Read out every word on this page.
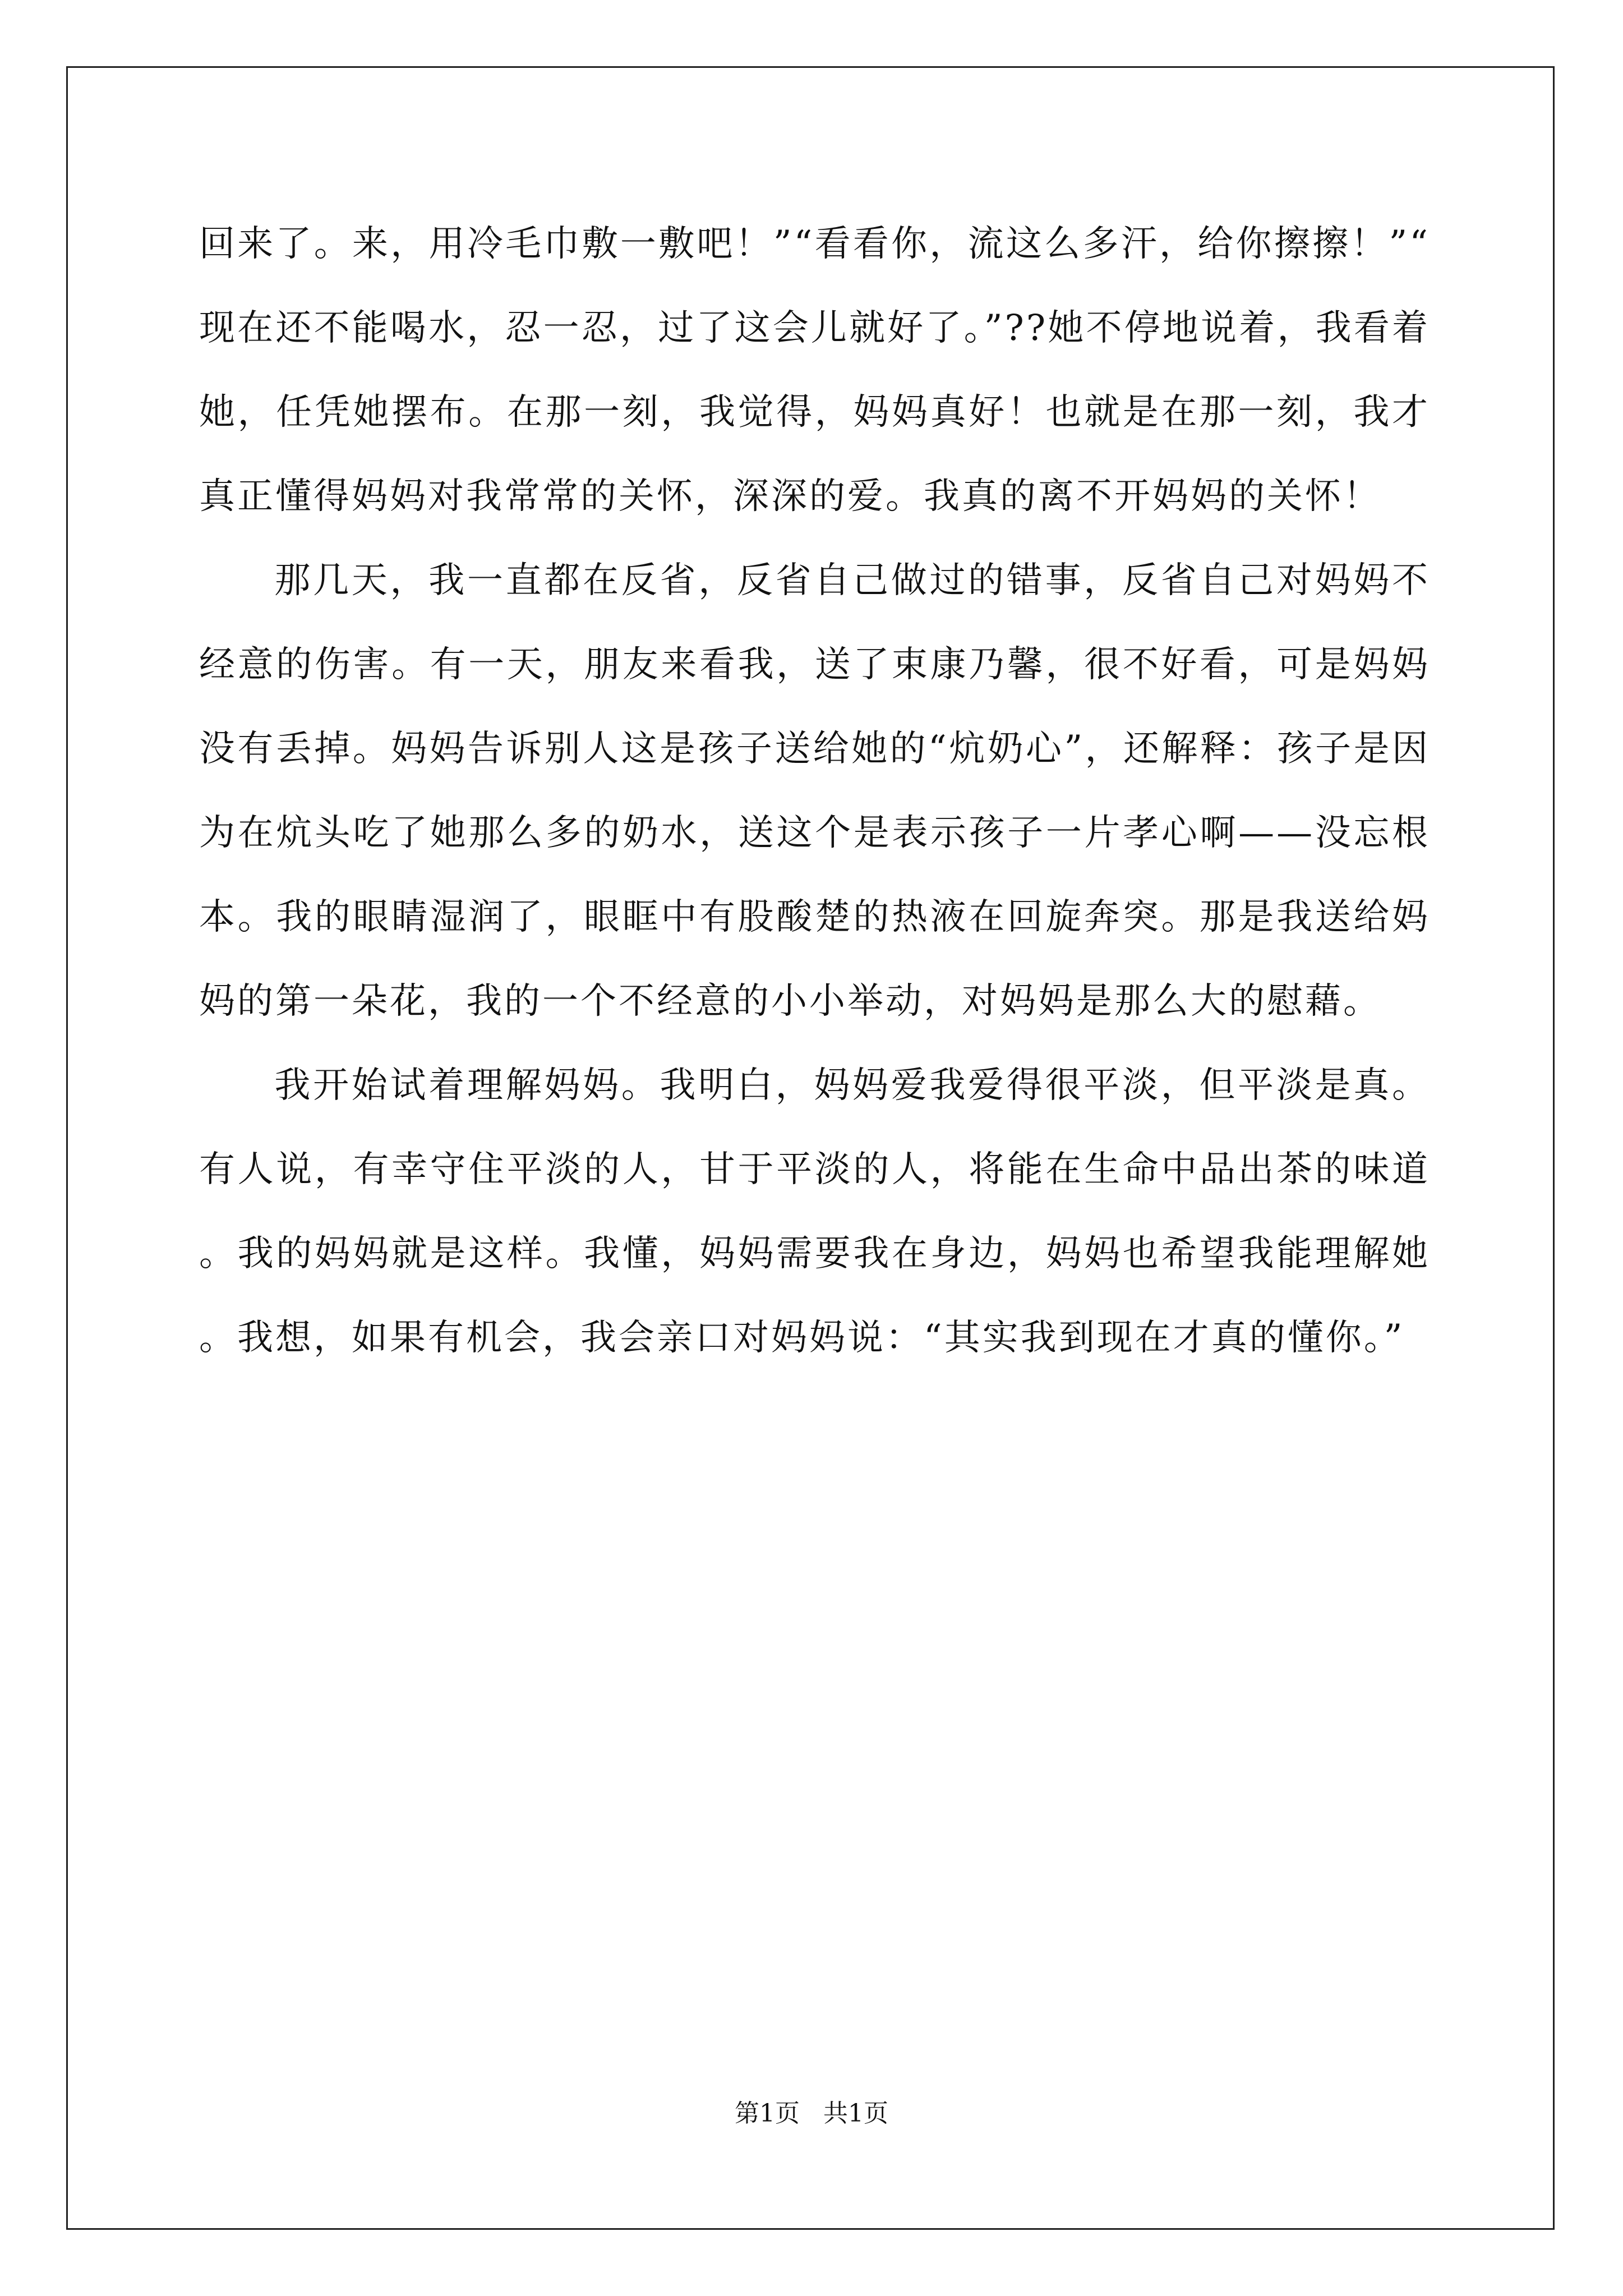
回来了。来，用冷毛巾敷一敷吧！”“看看你，流这么多汗，给你擦擦！”“现在还不能喝水，忍一忍，过了这会儿就好了。”??她不停地说着，我看着她，任凭她摆布。在那一刻，我觉得，妈妈真好！也就是在那一刻，我才真正懂得妈妈对我常常的关怀，深深的爱。我真的离不开妈妈的关怀！

那几天，我一直都在反省，反省自己做过的错事，反省自己对妈妈不经意的伤害。有一天，朋友来看我，送了束康乃馨，很不好看，可是妈妈没有丢掉。妈妈告诉别人这是孩子送给她的“炕奶心”，还解释：孩子是因为在炕头吃了她那么多的奶水，送这个是表示孩子一片孝心啊——没忘根本。我的眼睛湿润了，眼眶中有股酸楚的热液在回旋奔突。那是我送给妈妈的第一朵花，我的一个不经意的小小举动，对妈妈是那么大的慰藉。

我开始试着理解妈妈。我明白，妈妈爱我爱得很平淡，但平淡是真。有人说，有幸守住平淡的人，甘于平淡的人，将能在生命中品出茶的味道。我的妈妈就是这样。我懂，妈妈需要我在身边，妈妈也希望我能理解她。我想，如果有机会，我会亲口对妈妈说：“其实我到现在才真的懂你。”

第1页 共1页
